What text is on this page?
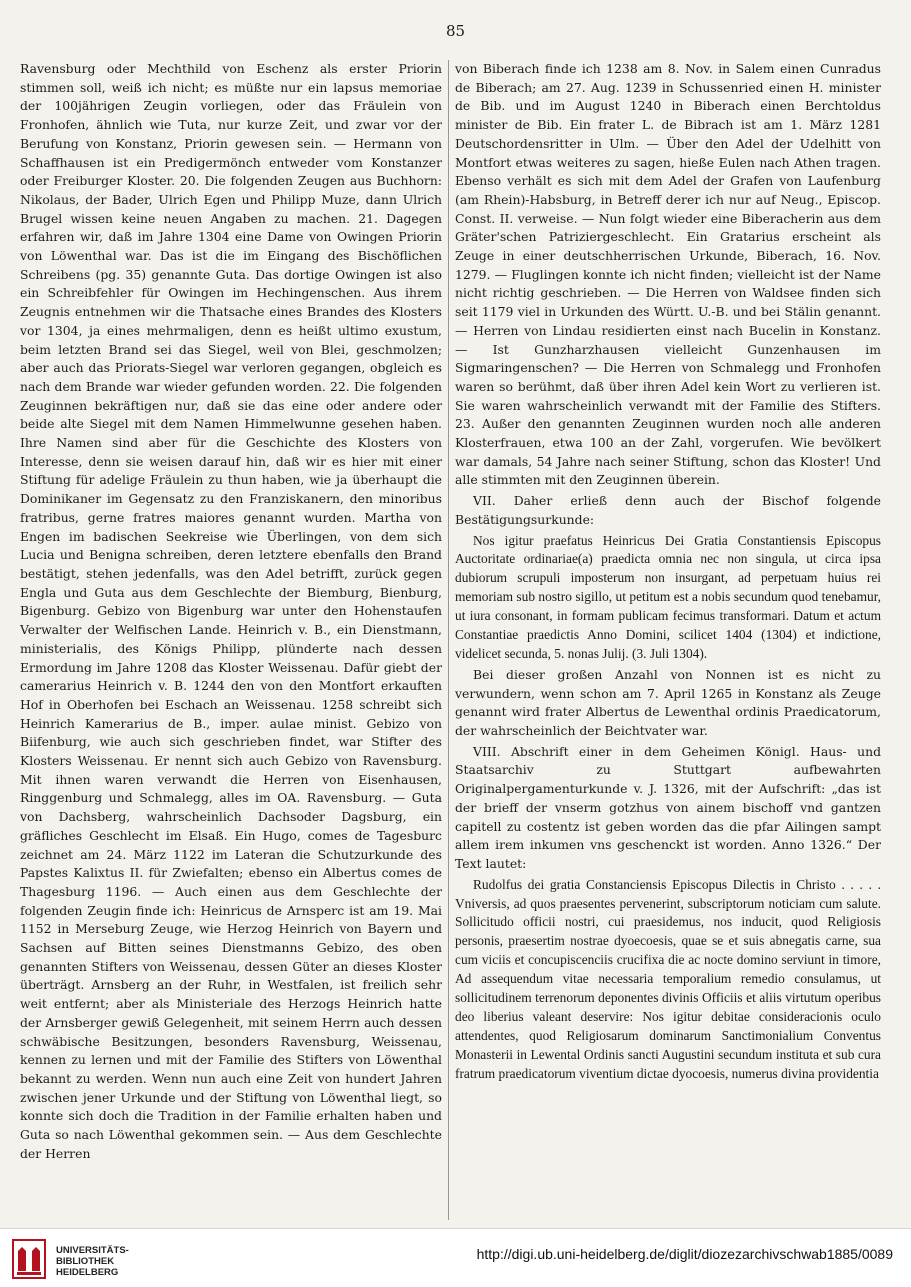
85

Ravensburg oder Mechthild von Eschenz als erster Priorin stimmen soll, weiß ich nicht; es müßte nur ein lapsus memoriae der 100jährigen Zeugin vorliegen, oder das Fräulein von Fronhofen, ähnlich wie Tuta, nur kurze Zeit, und zwar vor der Berufung von Konstanz, Priorin gewesen sein. — Hermann von Schaffhausen ist ein Predigermönch entweder vom Konstanzer oder Freiburger Kloster. 20. Die folgenden Zeugen aus Buchhorn: Nikolaus, der Bader, Ulrich Egen und Philipp Muze, dann Ulrich Brugel wissen keine neuen Angaben zu machen. 21. Dagegen erfahren wir, daß im Jahre 1304 eine Dame von Owingen Priorin von Löwenthal war. Das ist die im Eingang des Bischöflichen Schreibens (pg. 35) genannte Guta. Das dortige Owingen ist also ein Schreibfehler für Owingen im Hechingenschen. Aus ihrem Zeugnis entnehmen wir die Thatsache eines Brandes des Klosters vor 1304, ja eines mehrmaligen, denn es heißt ultimo exustum, beim letzten Brand sei das Siegel, weil von Blei, geschmolzen; aber auch das Priorats-Siegel war verloren gegangen, obgleich es nach dem Brande war wieder gefunden worden. 22. Die folgenden Zeuginnen bekräftigen nur, daß sie das eine oder andere oder beide alte Siegel mit dem Namen Himmelwunne gesehen haben. Ihre Namen sind aber für die Geschichte des Klosters von Interesse, denn sie weisen darauf hin, daß wir es hier mit einer Stiftung für adelige Fräulein zu thun haben, wie ja überhaupt die Dominikaner im Gegensatz zu den Franziskanern, den minoribus fratribus, gerne fratres maiores genannt wurden. Martha von Engen im badischen Seekreise wie Überlingen, von dem sich Lucia und Benigna schreiben, deren letztere ebenfalls den Brand bestätigt, stehen jedenfalls, was den Adel betrifft, zurück gegen Engla und Guta aus dem Geschlechte der Biemburg, Bienburg, Bigenburg. Gebizo von Bigenburg war unter den Hohenstaufen Verwalter der Welfischen Lande. Heinrich v. B., ein Dienstmann, ministerialis, des Königs Philipp, plünderte nach dessen Ermordung im Jahre 1208 das Kloster Weissenau. Dafür giebt der camerarius Heinrich v. B. 1244 den von den Montfort erkauften Hof in Oberhofen bei Eschach an Weissenau. 1258 schreibt sich Heinrich Kamerarius de B., imper. aulae minist. Gebizo von Biifenburg, wie auch sich geschrieben findet, war Stifter des Klosters Weissenau. Er nennt sich auch Gebizo von Ravensburg. Mit ihnen waren verwandt die Herren von Eisenhausen, Ringgenburg und Schmalegg, alles im OA. Ravensburg. — Guta von Dachsberg, wahrscheinlich Dachsoder Dagsburg, ein gräfliches Geschlecht im Elsaß. Ein Hugo, comes de Tagesburc zeichnet am 24. März 1122 im Lateran die Schutzurkunde des Papstes Kalixtus II. für Zwiefalten; ebenso ein Albertus comes de Thagesburg 1196. — Auch einen aus dem Geschlechte der folgenden Zeugin finde ich: Heinricus de Arnsperc ist am 19. Mai 1152 in Merseburg Zeuge, wie Herzog Heinrich von Bayern und Sachsen auf Bitten seines Dienstmanns Gebizo, des oben genannten Stifters von Weissenau, dessen Güter an dieses Kloster überträgt. Arnsberg an der Ruhr, in Westfalen, ist freilich sehr weit entfernt; aber als Ministeriale des Herzogs Heinrich hatte der Arnsberger gewiß Gelegenheit, mit seinem Herrn auch dessen schwäbische Besitzungen, besonders Ravensburg, Weissenau, kennen zu lernen und mit der Familie des Stifters von Löwenthal bekannt zu werden. Wenn nun auch eine Zeit von hundert Jahren zwischen jener Urkunde und der Stiftung von Löwenthal liegt, so konnte sich doch die Tradition in der Familie erhalten haben und Guta so nach Löwenthal gekommen sein. — Aus dem Geschlechte der Herren

von Biberach finde ich 1238 am 8. Nov. in Salem einen Cunradus de Biberach; am 27. Aug. 1239 in Schussenried einen H. minister de Bib. und im August 1240 in Biberach einen Berchtoldus minister de Bib. Ein frater L. de Bibrach ist am 1. März 1281 Deutschordensritter in Ulm. — Über den Adel der Udelhitt von Montfort etwas weiteres zu sagen, hieße Eulen nach Athen tragen. Ebenso verhält es sich mit dem Adel der Grafen von Laufenburg (am Rhein)-Habsburg, in Betreff derer ich nur auf Neug., Episcop. Const. II. verweise. — Nun folgt wieder eine Biberacherin aus dem Gräter'schen Patriziergeschlecht. Ein Gratarius erscheint als Zeuge in einer deutschherrischen Urkunde, Biberach, 16. Nov. 1279. — Fluglingen konnte ich nicht finden; vielleicht ist der Name nicht richtig geschrieben. — Die Herren von Waldsee finden sich seit 1179 viel in Urkunden des Württ. U.-B. und bei Stälin genannt. — Herren von Lindau residierten einst nach Bucelin in Konstanz. — Ist Gunzharzhausen vielleicht Gunzenhausen im Sigmaringenschen? — Die Herren von Schmalegg und Fronhofen waren so berühmt, daß über ihren Adel kein Wort zu verlieren ist. Sie waren wahrscheinlich verwandt mit der Familie des Stifters. 23. Außer den genannten Zeuginnen wurden noch alle anderen Klosterfrauen, etwa 100 an der Zahl, vorgerufen. Wie bevölkert war damals, 54 Jahre nach seiner Stiftung, schon das Kloster! Und alle stimmten mit den Zeuginnen überein.

VII. Daher erließ denn auch der Bischof folgende Bestätigungsurkunde:

Nos igitur praefatus Heinricus Dei Gratia Constantiensis Episcopus Auctoritate ordinariae(a) praedicta omnia nec non singula, ut circa ipsa dubiorum scrupuli imposterum non insurgant, ad perpetuam huius rei memoriam sub nostro sigillo, ut petitum est a nobis secundum quod tenebamur, ut iura consonant, in formam publicam fecimus transformari. Datum et actum Constantiae praedictis Anno Domini, scilicet 1404 (1304) et indictione, videlicet secunda, 5. nonas Julij. (3. Juli 1304).

Bei dieser großen Anzahl von Nonnen ist es nicht zu verwundern, wenn schon am 7. April 1265 in Konstanz als Zeuge genannt wird frater Albertus de Lewenthal ordinis Praedicatorum, der wahrscheinlich der Beichtvater war.

VIII. Abschrift einer in dem Geheimen Königl. Haus- und Staatsarchiv zu Stuttgart aufbewahrten Originalpergamenturkunde v. J. 1326, mit der Aufschrift: „das ist der brieff der vnserm gotzhus von ainem bischoff vnd gantzen capitell zu costentz ist geben worden das die pfar Ailingen sampt allem irem inkumen vns geschenckt ist worden. Anno 1326.“ Der Text lautet:

Rudolfus dei gratia Constanciensis Episcopus Dilectis in Christo . . . . . Vniversis, ad quos praesentes pervenerint, subscriptorum noticiam cum salute. Sollicitudo officii nostri, cui praesidemus, nos inducit, quod Religiosis personis, praesertim nostrae dyoecoesis, quae se et suis abnegatis carne, sua cum viciis et concupiscenciis crucifixa die ac nocte domino serviunt in timore, Ad assequendum vitae necessaria temporalium remedio consulamus, ut sollicitudinem terrenorum deponentes divinis Officiis et aliis virtutum operibus deo liberius valeant deservire: Nos igitur debitae consideracionis oculo attendentes, quod Religiosarum dominarum Sanctimonialium Conventus Monasterii in Lewental Ordinis sancti Augustini secundum instituta et sub cura fratrum praedicatorum viventium dictae dyocoesis, numerus divina providentia

UNIVERSITÄTS-
BIBLIOTHEK
HEIDELBERG
http://digi.ub.uni-heidelberg.de/diglit/diozezarchivschwab1885/0089
